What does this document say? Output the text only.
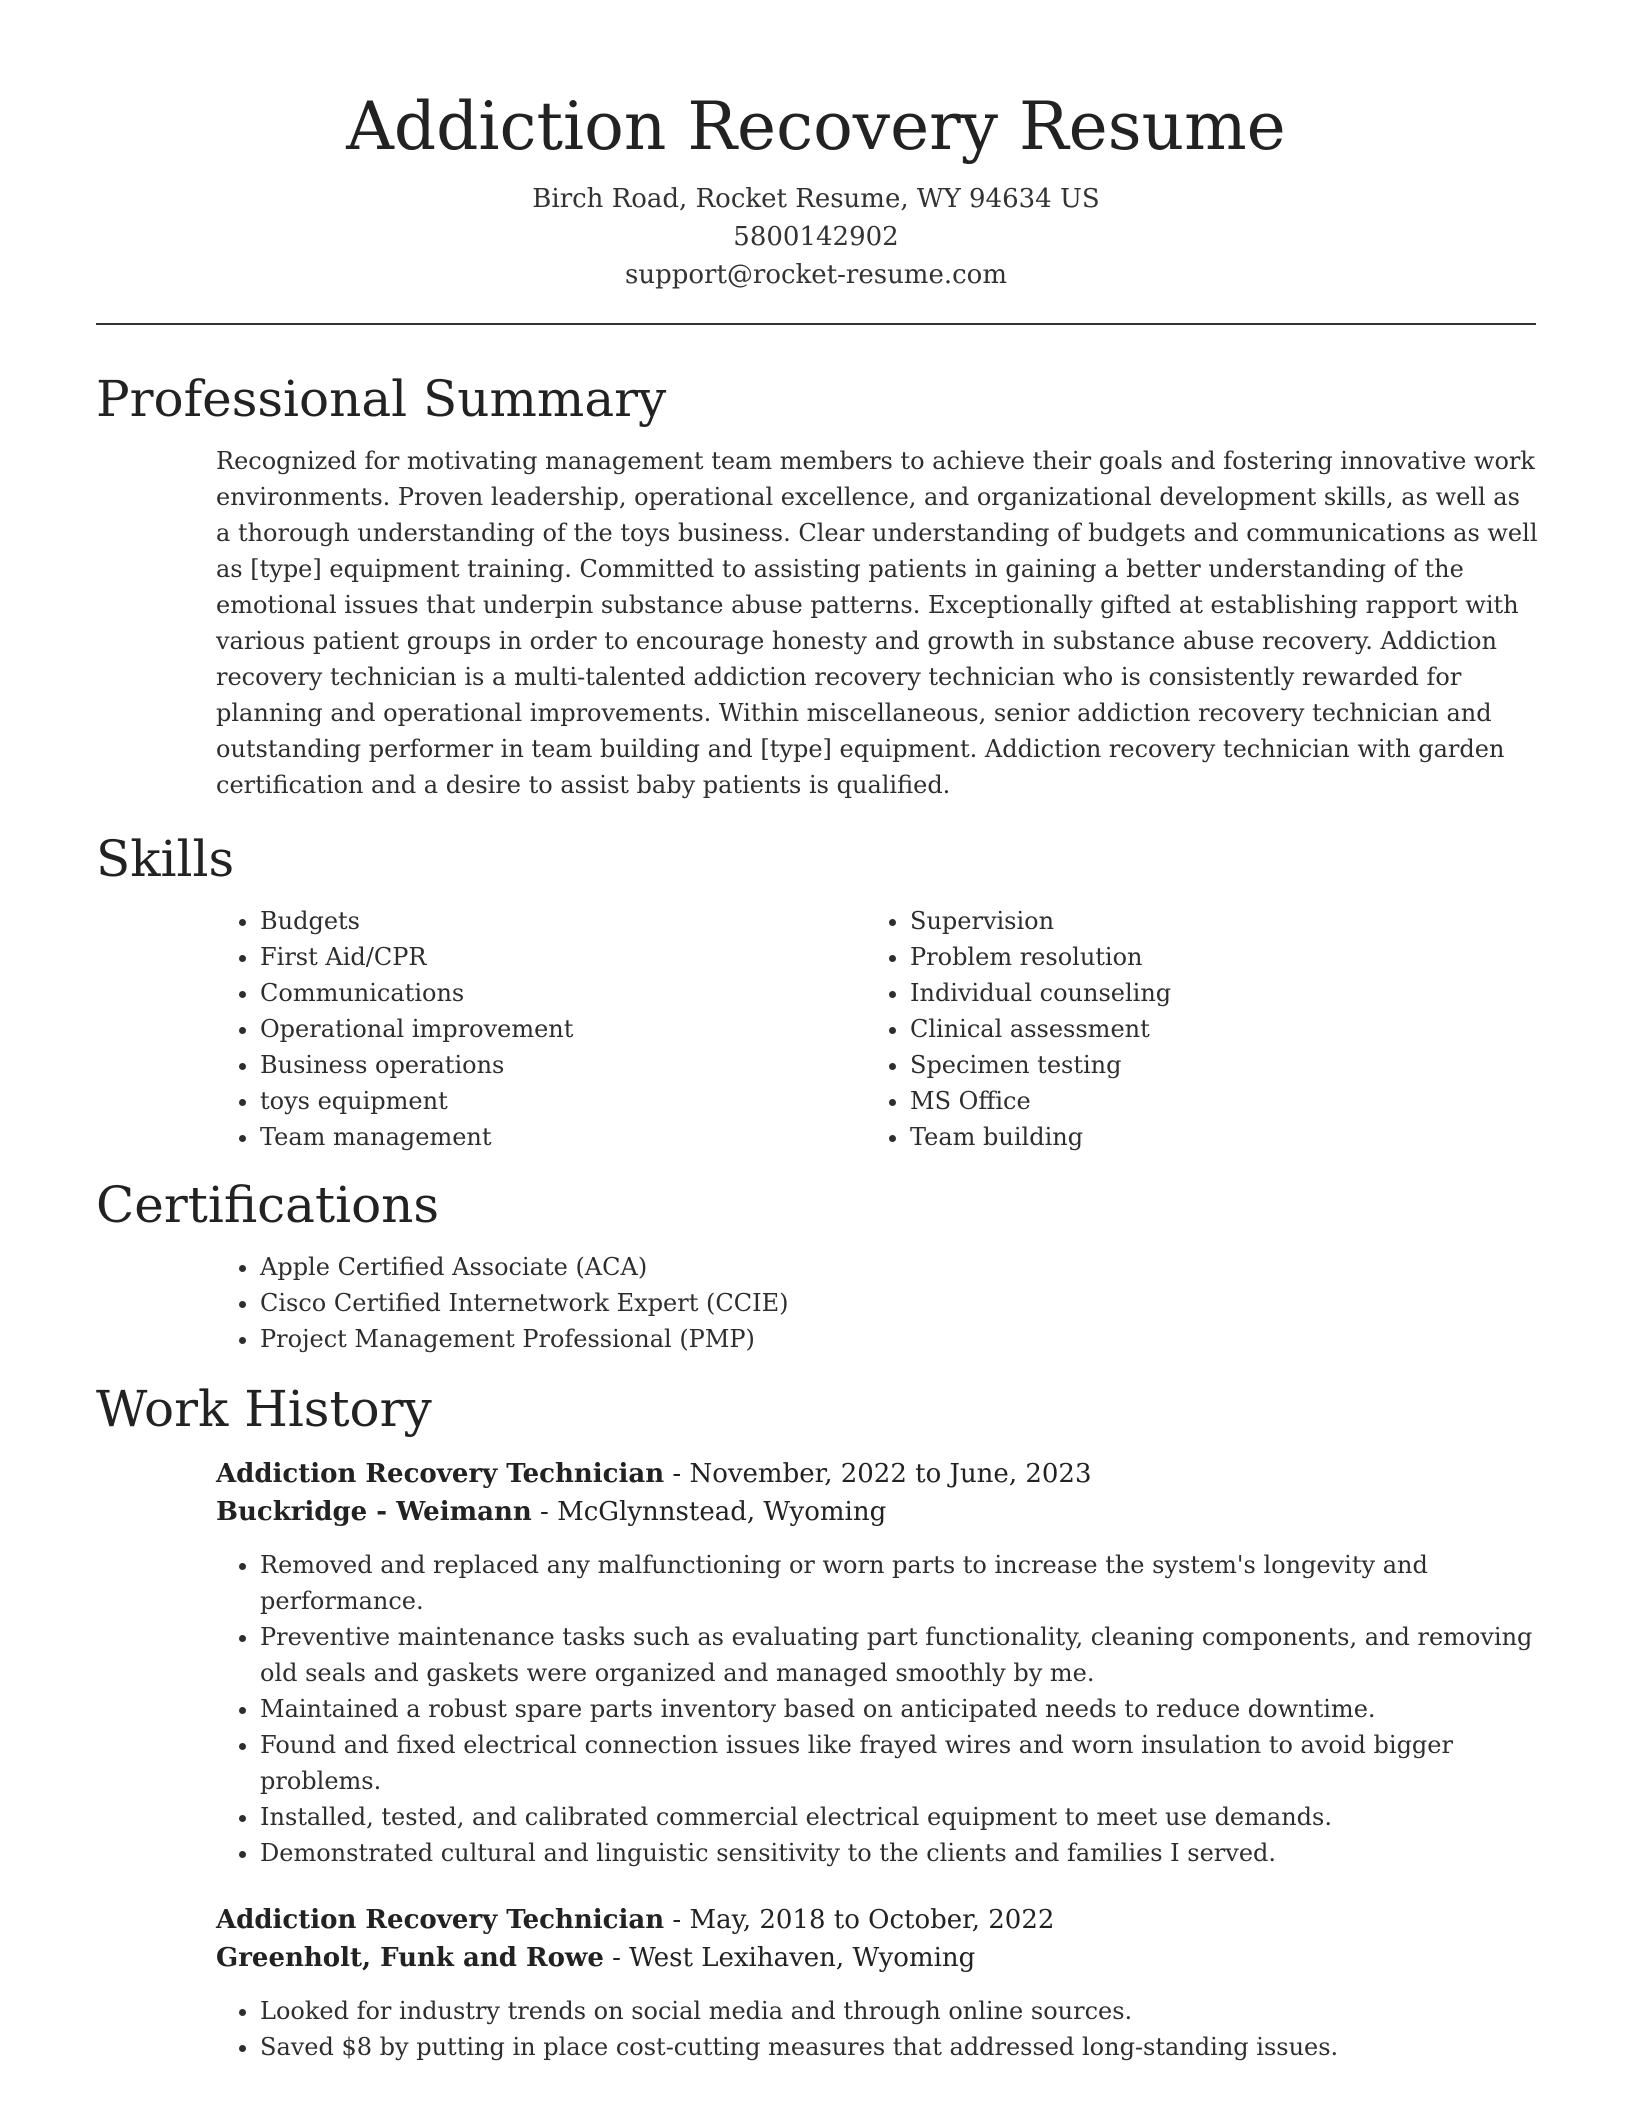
Addiction Recovery Resume
Birch Road, Rocket Resume, WY 94634 US
5800142902
support@rocket-resume.com
Professional Summary

Recognized for motivating management team members to achieve their goals and fostering innovative work environments. Proven leadership, operational excellence, and organizational development skills, as well as a thorough understanding of the toys business. Clear understanding of budgets and communications as well as [type] equipment training. Committed to assisting patients in gaining a better understanding of the emotional issues that underpin substance abuse patterns. Exceptionally gifted at establishing rapport with various patient groups in order to encourage honesty and growth in substance abuse recovery. Addiction recovery technician is a multi-talented addiction recovery technician who is consistently rewarded for planning and operational improvements. Within miscellaneous, senior addiction recovery technician and outstanding performer in team building and [type] equipment. Addiction recovery technician with garden certification and a desire to assist baby patients is qualified.

Skills
• Budgets
• First Aid/CPR
• Communications
• Operational improvement
• Business operations
• toys equipment
• Team management
• Supervision
• Problem resolution
• Individual counseling
• Clinical assessment
• Specimen testing
• MS Office
• Team building
Certifications
• Apple Certified Associate (ACA)
• Cisco Certified Internetwork Expert (CCIE)
• Project Management Professional (PMP)
Work History
Addiction Recovery Technician - November, 2022 to June, 2023
Buckridge - Weimann - McGlynnstead, Wyoming
• Removed and replaced any malfunctioning or worn parts to increase the system's longevity and performance.
• Preventive maintenance tasks such as evaluating part functionality, cleaning components, and removing old seals and gaskets were organized and managed smoothly by me.
• Maintained a robust spare parts inventory based on anticipated needs to reduce downtime.
• Found and fixed electrical connection issues like frayed wires and worn insulation to avoid bigger problems.
• Installed, tested, and calibrated commercial electrical equipment to meet use demands.
• Demonstrated cultural and linguistic sensitivity to the clients and families I served.
Addiction Recovery Technician - May, 2018 to October, 2022
Greenholt, Funk and Rowe - West Lexihaven, Wyoming
• Looked for industry trends on social media and through online sources.
• Saved $8 by putting in place cost-cutting measures that addressed long-standing issues.
